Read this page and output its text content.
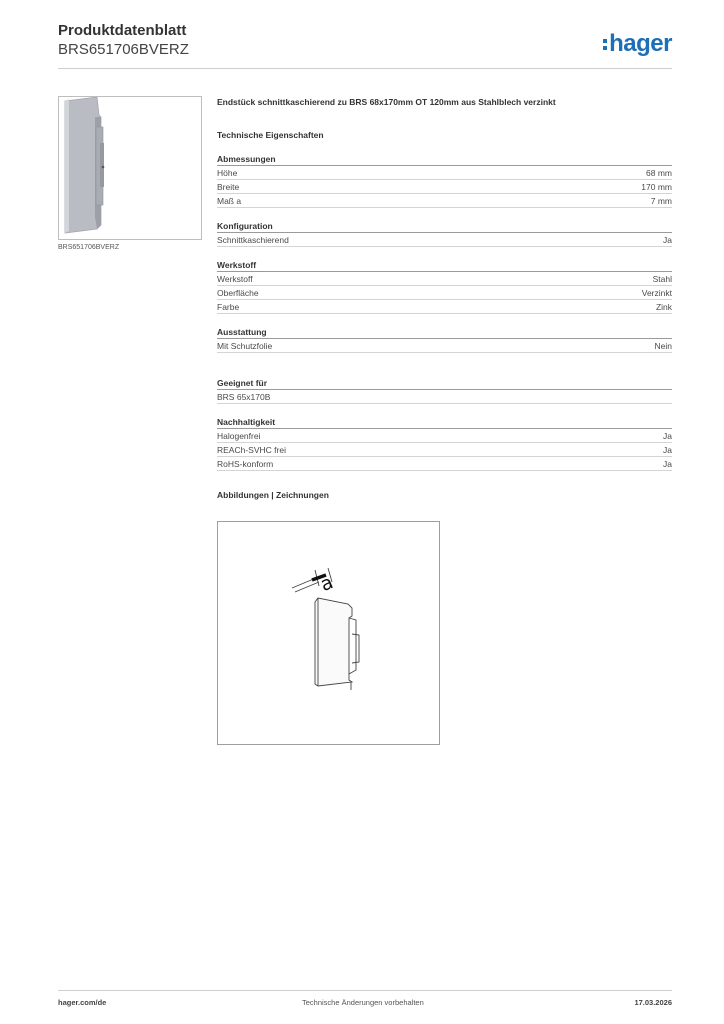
Produktdatenblatt
BRS651706BVERZ	hager
BRS651706BVERZ
Endstück schnittkaschierend zu BRS 68x170mm OT 120mm aus Stahlblech verzinkt
Technische Eigenschaften
Abmessungen
Höhe	68 mm
Breite	170 mm
Maß a	7 mm
Konfiguration
Schnittkaschierend	Ja
Werkstoff
Werkstoff	Stahl
Oberfläche	Verzinkt
Farbe	Zink
Ausstattung
Mit Schutzfolie	Nein
Geeignet für
BRS 65x170B
Nachhaltigkeit
Halogenfrei	Ja
REACh-SVHC frei	Ja
RoHS-konform	Ja
Abbildungen | Zeichnungen
a
hager.com/de	Technische Änderungen vorbehalten	17.03.2026
